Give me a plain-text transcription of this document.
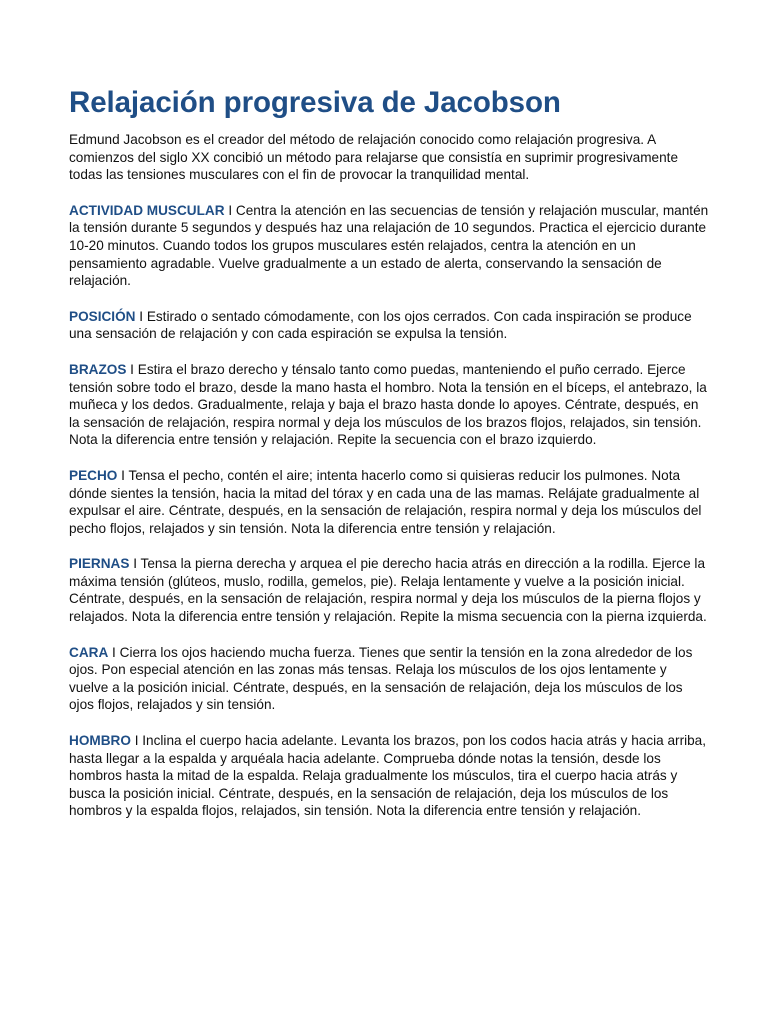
Relajación progresiva de Jacobson

Edmund Jacobson es el creador del método de relajación conocido como relajación progresiva. A comienzos del siglo XX concibió un método para relajarse que consistía en suprimir progresivamente todas las tensiones musculares con el fin de provocar la tranquilidad mental.

ACTIVIDAD MUSCULAR I Centra la atención en las secuencias de tensión y relajación muscular, mantén la tensión durante 5 segundos y después haz una relajación de 10 segundos. Practica el ejercicio durante 10-20 minutos. Cuando todos los grupos musculares estén relajados, centra la atención en un pensamiento agradable. Vuelve gradualmente a un estado de alerta, conservando la sensación de relajación.

POSICIÓN I Estirado o sentado cómodamente, con los ojos cerrados. Con cada inspiración se produce una sensación de relajación y con cada espiración se expulsa la tensión.

BRAZOS I Estira el brazo derecho y ténsalo tanto como puedas, manteniendo el puño cerrado. Ejerce tensión sobre todo el brazo, desde la mano hasta el hombro. Nota la tensión en el bíceps, el antebrazo, la muñeca y los dedos. Gradualmente, relaja y baja el brazo hasta donde lo apoyes. Céntrate, después, en la sensación de relajación, respira normal y deja los músculos de los brazos flojos, relajados, sin tensión. Nota la diferencia entre tensión y relajación. Repite la secuencia con el brazo izquierdo.

PECHO I Tensa el pecho, contén el aire; intenta hacerlo como si quisieras reducir los pulmones. Nota dónde sientes la tensión, hacia la mitad del tórax y en cada una de las mamas. Relájate gradualmente al expulsar el aire. Céntrate, después, en la sensación de relajación, respira normal y deja los músculos del pecho flojos, relajados y sin tensión. Nota la diferencia entre tensión y relajación.

PIERNAS I Tensa la pierna derecha y arquea el pie derecho hacia atrás en dirección a la rodilla. Ejerce la máxima tensión (glúteos, muslo, rodilla, gemelos, pie). Relaja lentamente y vuelve a la posición inicial. Céntrate, después, en la sensación de relajación, respira normal y deja los músculos de la pierna flojos y relajados. Nota la diferencia entre tensión y relajación. Repite la misma secuencia con la pierna izquierda.

CARA I Cierra los ojos haciendo mucha fuerza. Tienes que sentir la tensión en la zona alrededor de los ojos. Pon especial atención en las zonas más tensas. Relaja los músculos de los ojos lentamente y vuelve a la posición inicial. Céntrate, después, en la sensación de relajación, deja los músculos de los ojos flojos, relajados y sin tensión.

HOMBRO I Inclina el cuerpo hacia adelante. Levanta los brazos, pon los codos hacia atrás y hacia arriba, hasta llegar a la espalda y arquéala hacia adelante. Comprueba dónde notas la tensión, desde los hombros hasta la mitad de la espalda. Relaja gradualmente los músculos, tira el cuerpo hacia atrás y busca la posición inicial. Céntrate, después, en la sensación de relajación, deja los músculos de los hombros y la espalda flojos, relajados, sin tensión. Nota la diferencia entre tensión y relajación.
